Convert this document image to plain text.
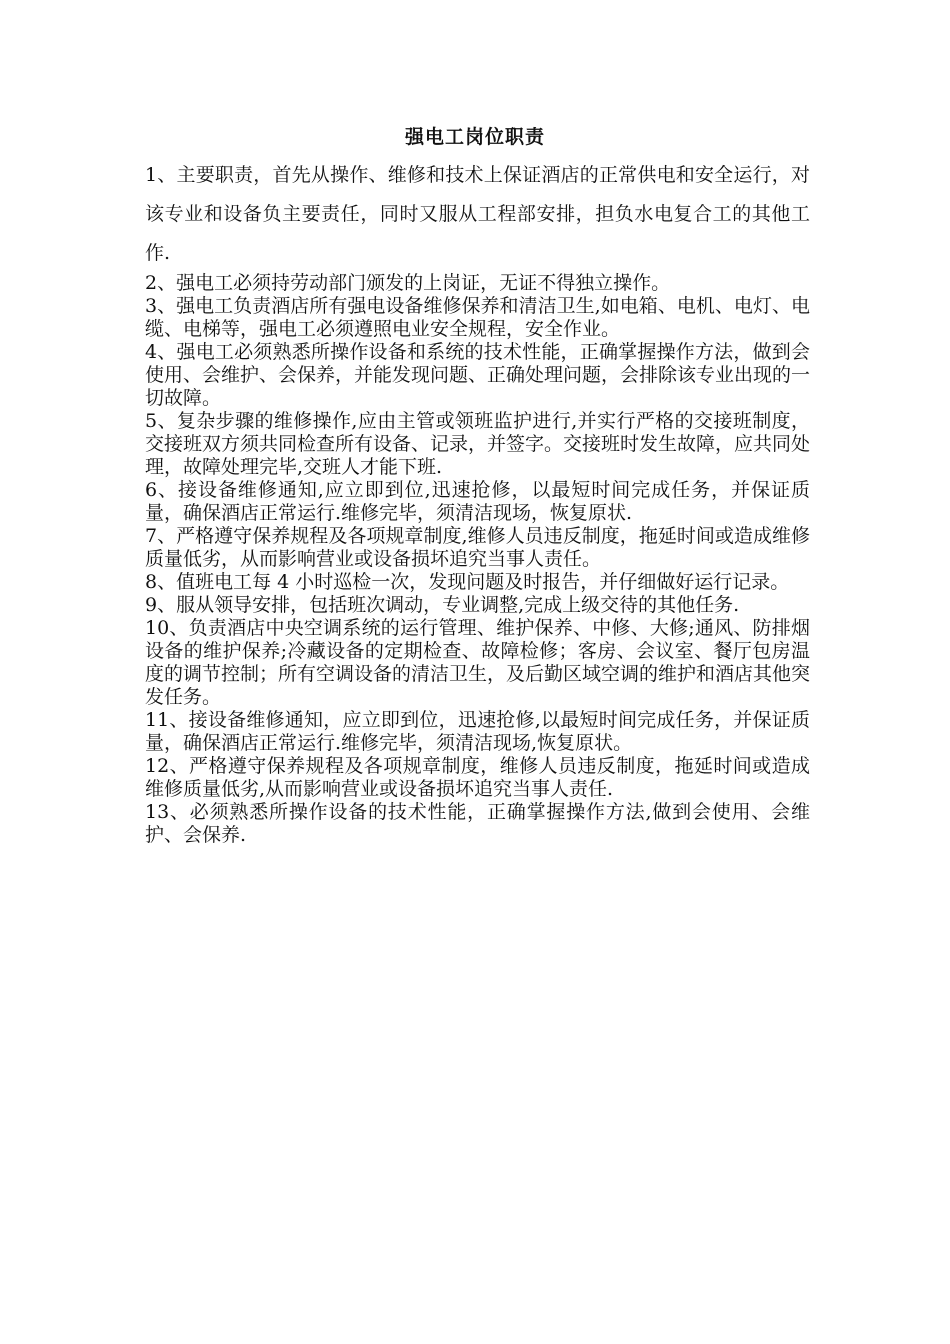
强电工岗位职责
1、主要职责，首先从操作、维修和技术上保证酒店的正常供电和安全运行，对该专业和设备负主要责任，同时又服从工程部安排，担负水电复合工的其他工作.

2、强电工必须持劳动部门颁发的上岗证，无证不得独立操作。

3、强电工负责酒店所有强电设备维修保养和清洁卫生,如电箱、电机、电灯、电缆、电梯等，强电工必须遵照电业安全规程，安全作业。

4、强电工必须熟悉所操作设备和系统的技术性能，正确掌握操作方法，做到会使用、会维护、会保养，并能发现问题、正确处理问题，会排除该专业出现的一切故障。

5、复杂步骤的维修操作,应由主管或领班监护进行,并实行严格的交接班制度，交接班双方须共同检查所有设备、记录，并签字。交接班时发生故障，应共同处理，故障处理完毕,交班人才能下班.

6、接设备维修通知,应立即到位,迅速抢修，以最短时间完成任务，并保证质量，确保酒店正常运行.维修完毕，须清洁现场，恢复原状.

7、严格遵守保养规程及各项规章制度,维修人员违反制度，拖延时间或造成维修质量低劣，从而影响营业或设备损坏追究当事人责任。

8、值班电工每 4 小时巡检一次，发现问题及时报告，并仔细做好运行记录。

9、服从领导安排，包括班次调动，专业调整,完成上级交待的其他任务.

10、负责酒店中央空调系统的运行管理、维护保养、中修、大修;通风、防排烟设备的维护保养;冷藏设备的定期检查、故障检修；客房、会议室、餐厅包房温度的调节控制；所有空调设备的清洁卫生，及后勤区域空调的维护和酒店其他突发任务。

11、接设备维修通知，应立即到位，迅速抢修,以最短时间完成任务，并保证质量，确保酒店正常运行.维修完毕，须清洁现场,恢复原状。

12、严格遵守保养规程及各项规章制度，维修人员违反制度，拖延时间或造成维修质量低劣,从而影响营业或设备损坏追究当事人责任.

13、必须熟悉所操作设备的技术性能，正确掌握操作方法,做到会使用、会维护、会保养.
